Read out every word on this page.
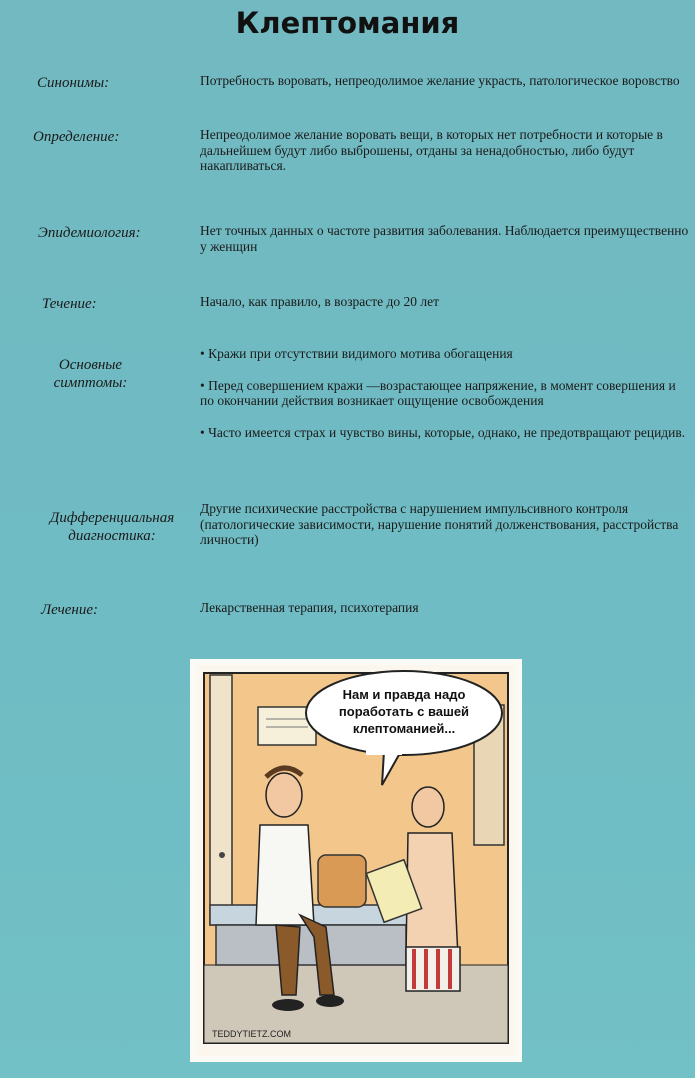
Клептомания
Синонимы:	Потребность воровать, непреодолимое желание украсть, патологическое воровство
Определение:	Непреодолимое желание воровать вещи, в которых нет потребности и которые в дальнейшем будут либо выброшены, отданы за ненадобностью, либо будут накапливаться.
Эпидемиология:	Нет точных данных о частоте развития заболевания. Наблюдается преимущественно у женщин
Течение:	Начало, как правило, в возрасте до 20 лет
Основные
симптомы:

• Кражи при отсутствии видимого мотива обогащения

• Перед совершением кражи —возрастающее напряжение, в момент совершения и по окончании действия возникает ощущение освобождения

• Часто имеется страх и чувство вины, которые, однако, не предотвращают рецидив.

Дифференциальная
диагностика:
Другие психические расстройства с нарушением импульсивного контроля (патологические зависимости, нарушение понятий долженствования, расстройства личности)
Лечение:	Лекарственная терапия, психотерапия
Нам и правда надо
поработать с вашей
клептоманией...
TEDDYTIETZ.COM
